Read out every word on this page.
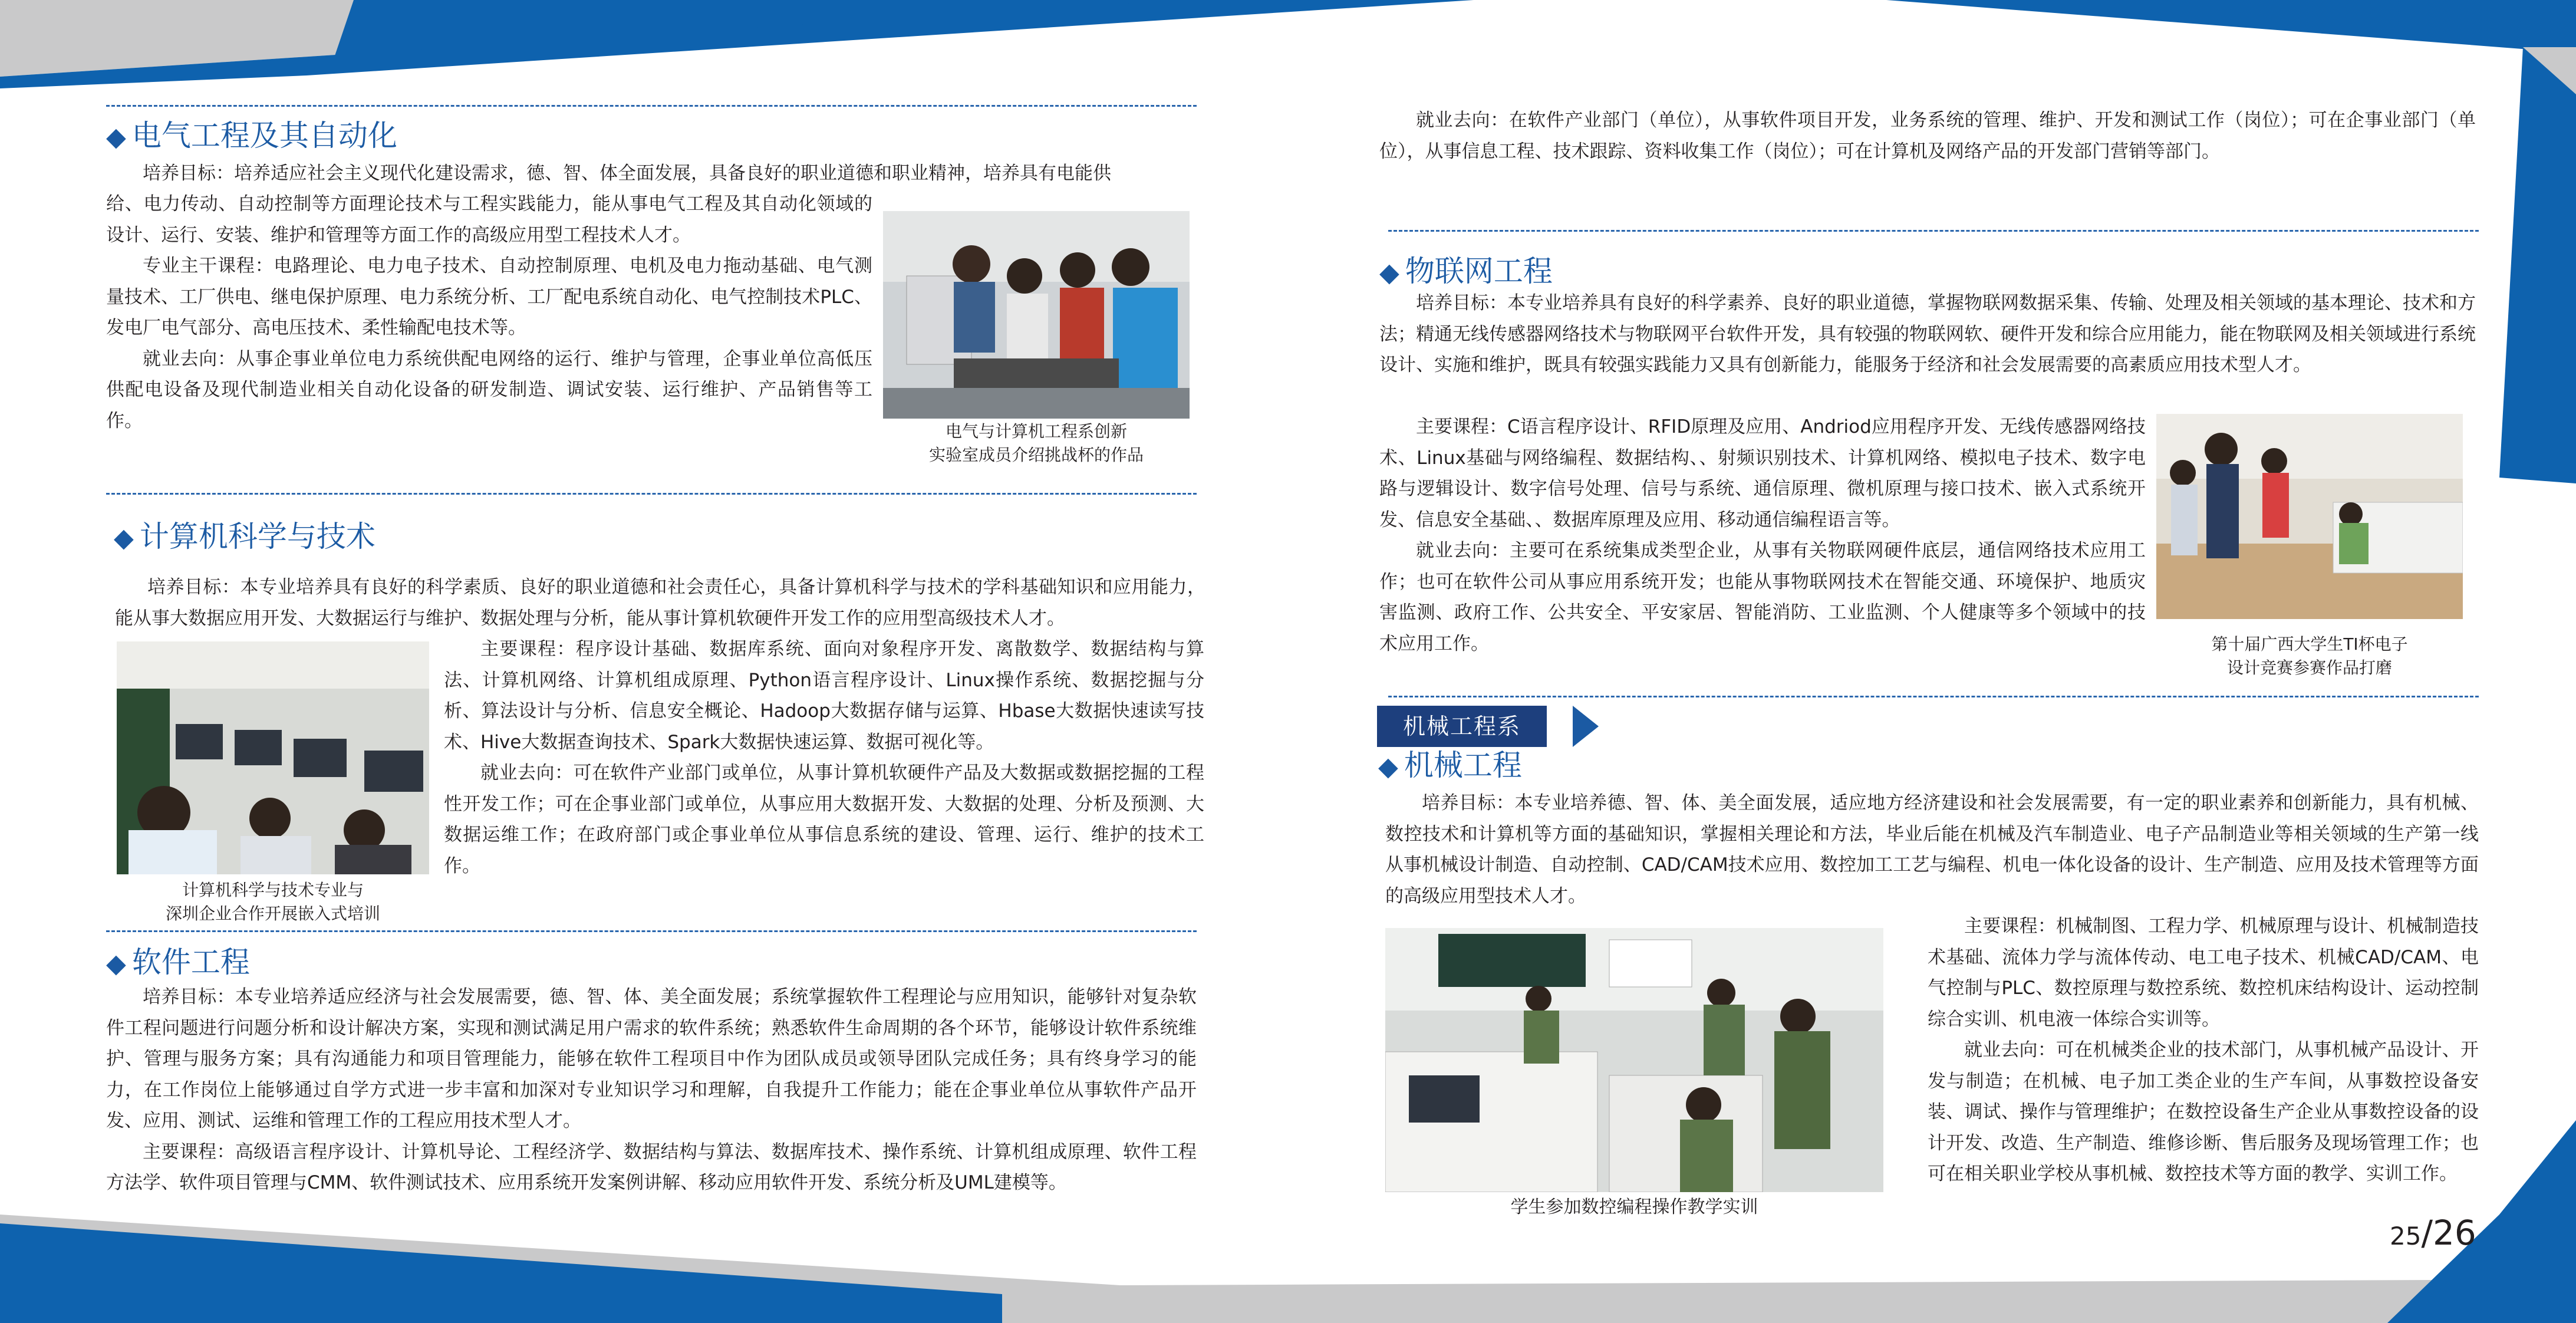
◆ 电气工程及其自动化

培养目标：培养适应社会主义现代化建设需求，德、智、体全面发展，具备良好的职业道德和职业精神，培养具有电能供

给、电力传动、自动控制等方面理论技术与工程实践能力，能从事电气工程及其自动化领域的设计、运行、安装、维护和管理等方面工作的高级应用型工程技术人才。

专业主干课程：电路理论、电力电子技术、自动控制原理、电机及电力拖动基础、电气测量技术、工厂供电、继电保护原理、电力系统分析、工厂配电系统自动化、电气控制技术PLC、发电厂电气部分、高电压技术、柔性输配电技术等。

就业去向：从事企事业单位电力系统供配电网络的运行、维护与管理，企事业单位高低压供配电设备及现代制造业相关自动化设备的研发制造、调试安装、运行维护、产品销售等工作。	电气与计算机工程系创新
实验室成员介绍挑战杯的作品
◆ 计算机科学与技术

培养目标：本专业培养具有良好的科学素质、良好的职业道德和社会责任心，具备计算机科学与技术的学科基础知识和应用能力，能从事大数据应用开发、大数据运行与维护、数据处理与分析，能从事计算机软硬件开发工作的应用型高级技术人才。

计算机科学与技术专业与
深圳企业合作开展嵌入式培训

主要课程：程序设计基础、数据库系统、面向对象程序开发、离散数学、数据结构与算法、计算机网络、计算机组成原理、Python语言程序设计、Linux操作系统、数据挖掘与分析、算法设计与分析、信息安全概论、Hadoop大数据存储与运算、Hbase大数据快速读写技术、Hive大数据查询技术、Spark大数据快速运算、数据可视化等。

就业去向：可在软件产业部门或单位，从事计算机软硬件产品及大数据或数据挖掘的工程性开发工作；可在企事业部门或单位，从事应用大数据开发、大数据的处理、分析及预测、大数据运维工作；在政府部门或企事业单位从事信息系统的建设、管理、运行、维护的技术工作。

◆ 软件工程

培养目标：本专业培养适应经济与社会发展需要，德、智、体、美全面发展；系统掌握软件工程理论与应用知识，能够针对复杂软件工程问题进行问题分析和设计解决方案，实现和测试满足用户需求的软件系统；熟悉软件生命周期的各个环节，能够设计软件系统维护、管理与服务方案；具有沟通能力和项目管理能力，能够在软件工程项目中作为团队成员或领导团队完成任务；具有终身学习的能力，在工作岗位上能够通过自学方式进一步丰富和加深对专业知识学习和理解，自我提升工作能力；能在企事业单位从事软件产品开发、应用、测试、运维和管理工作的工程应用技术型人才。

主要课程：高级语言程序设计、计算机导论、工程经济学、数据结构与算法、数据库技术、操作系统、计算机组成原理、软件工程方法学、软件项目管理与CMM、软件测试技术、应用系统开发案例讲解、移动应用软件开发、系统分析及UML建模等。

就业去向：在软件产业部门（单位），从事软件项目开发，业务系统的管理、维护、开发和测试工作（岗位）；可在企事业部门（单位），从事信息工程、技术跟踪、资料收集工作（岗位）；可在计算机及网络产品的开发部门营销等部门。

◆ 物联网工程

培养目标：本专业培养具有良好的科学素养、良好的职业道德，掌握物联网数据采集、传输、处理及相关领域的基本理论、技术和方法；精通无线传感器网络技术与物联网平台软件开发，具有较强的物联网软、硬件开发和综合应用能力，能在物联网及相关领域进行系统设计、实施和维护，既具有较强实践能力又具有创新能力，能服务于经济和社会发展需要的高素质应用技术型人才。

主要课程：C语言程序设计、RFID原理及应用、Andriod应用程序开发、无线传感器网络技术、Linux基础与网络编程、数据结构、、射频识别技术、计算机网络、模拟电子技术、数字电路与逻辑设计、数字信号处理、信号与系统、通信原理、微机原理与接口技术、嵌入式系统开发、信息安全基础、、数据库原理及应用、移动通信编程语言等。

就业去向：主要可在系统集成类型企业，从事有关物联网硬件底层，通信网络技术应用工作；也可在软件公司从事应用系统开发；也能从事物联网技术在智能交通、环境保护、地质灾害监测、政府工作、公共安全、平安家居、智能消防、工业监测、个人健康等多个领域中的技术应用工作。	第十届广西大学生TI杯电子
设计竞赛参赛作品打磨
机械工程系
◆ 机械工程

培养目标：本专业培养德、智、体、美全面发展，适应地方经济建设和社会发展需要，有一定的职业素养和创新能力，具有机械、数控技术和计算机等方面的基础知识，掌握相关理论和方法，毕业后能在机械及汽车制造业、电子产品制造业等相关领域的生产第一线从事机械设计制造、自动控制、CAD/CAM技术应用、数控加工工艺与编程、机电一体化设备的设计、生产制造、应用及技术管理等方面的高级应用型技术人才。

学生参加数控编程操作教学实训

主要课程：机械制图、工程力学、机械原理与设计、机械制造技术基础、流体力学与流体传动、电工电子技术、机械CAD/CAM、电气控制与PLC、数控原理与数控系统、数控机床结构设计、运动控制综合实训、机电液一体综合实训等。

就业去向：可在机械类企业的技术部门，从事机械产品设计、开发与制造；在机械、电子加工类企业的生产车间，从事数控设备安装、调试、操作与管理维护；在数控设备生产企业从事数控设备的设计开发、改造、生产制造、维修诊断、售后服务及现场管理工作；也可在相关职业学校从事机械、数控技术等方面的教学、实训工作。

25/26
